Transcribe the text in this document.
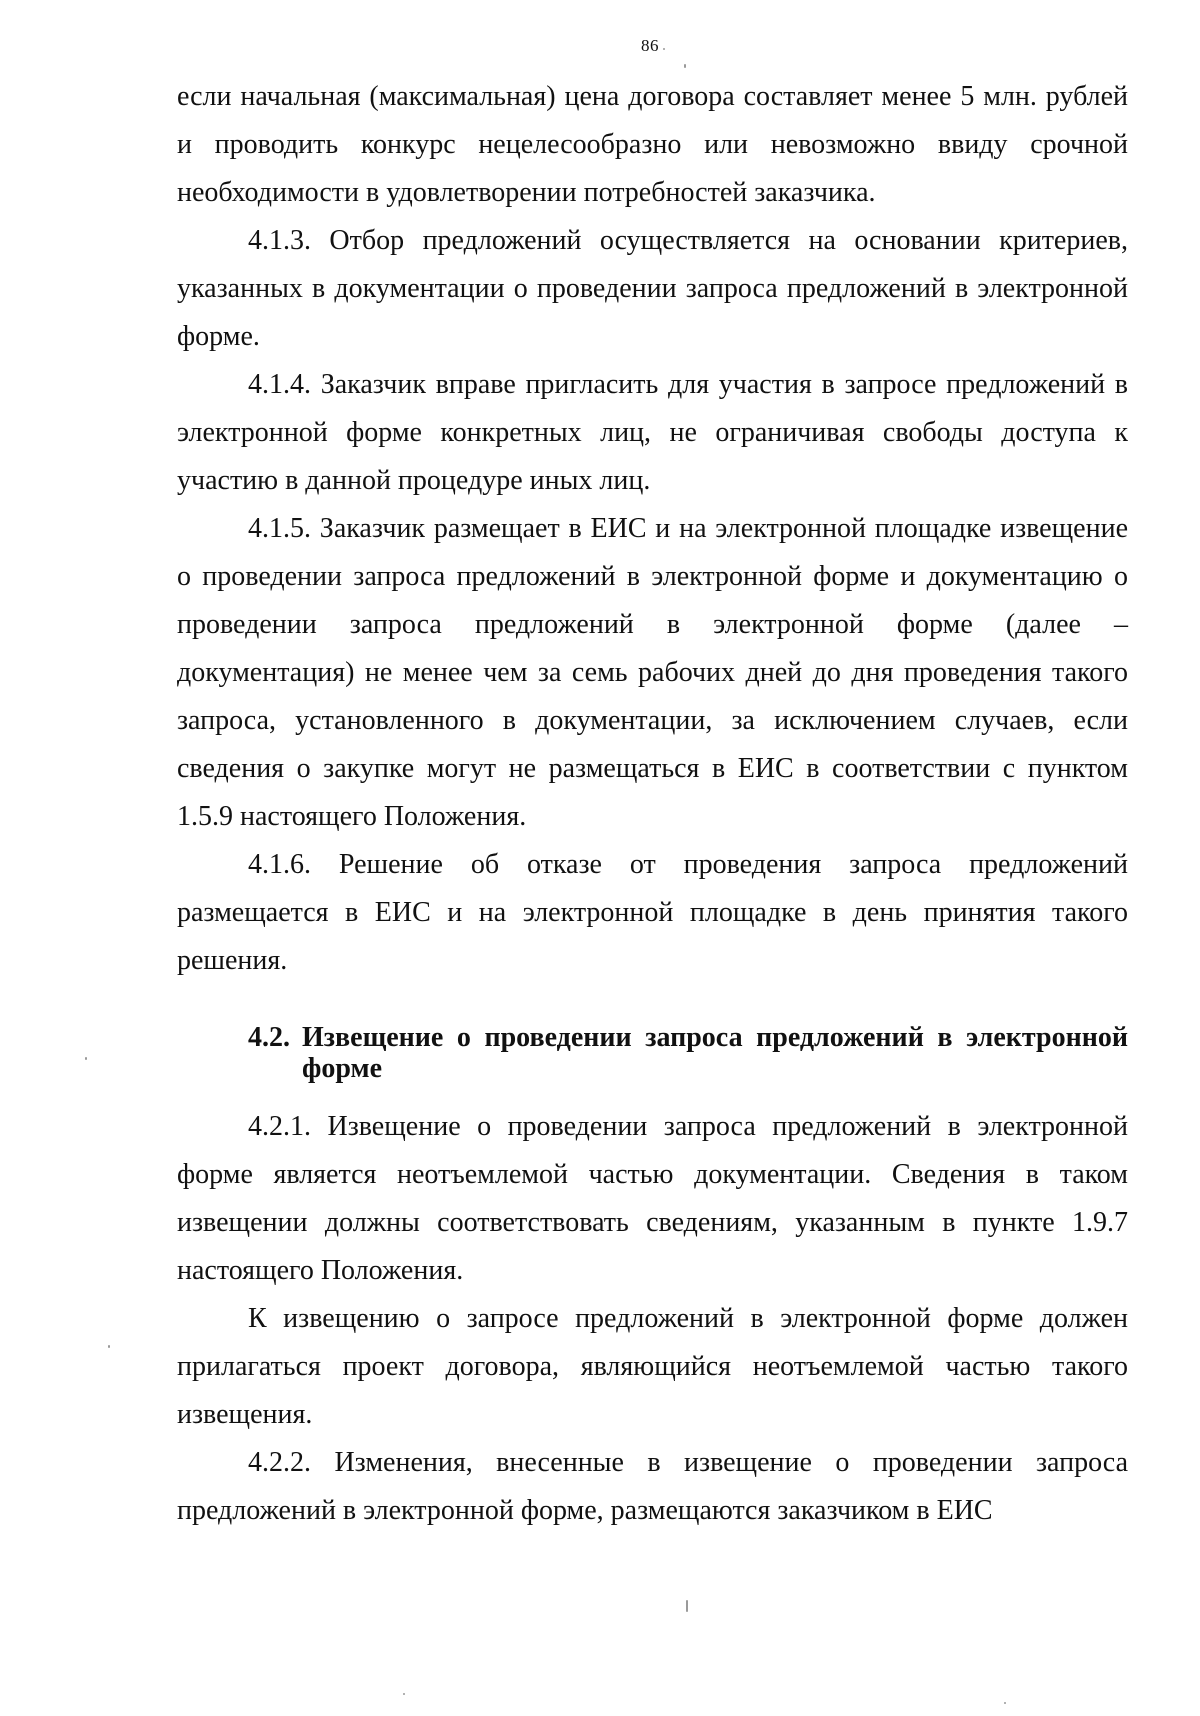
86

если начальная (максимальная) цена договора составляет менее 5 млн. рублей и проводить конкурс нецелесообразно или невозможно ввиду срочной необходимости в удовлетворении потребностей заказчика.

4.1.3. Отбор предложений осуществляется на основании критериев, указанных в документации о проведении запроса предложений в электронной форме.

4.1.4. Заказчик вправе пригласить для участия в запросе предложений в электронной форме конкретных лиц, не ограничивая свободы доступа к участию в данной процедуре иных лиц.

4.1.5. Заказчик размещает в ЕИС и на электронной площадке извещение о проведении запроса предложений в электронной форме и документацию о проведении запроса предложений в электронной форме (далее – документация) не менее чем за семь рабочих дней до дня проведения такого запроса, установленного в документации, за исключением случаев, если сведения о закупке могут не размещаться в ЕИС в соответствии с пунктом 1.5.9 настоящего Положения.

4.1.6. Решение об отказе от проведения запроса предложений размещается в ЕИС и на электронной площадке в день принятия такого решения.

4.2. Извещение о проведении запроса предложений в электронной форме

4.2.1. Извещение о проведении запроса предложений в электронной форме является неотъемлемой частью документации. Сведения в таком извещении должны соответствовать сведениям, указанным в пункте 1.9.7 настоящего Положения.

К извещению о запросе предложений в электронной форме должен прилагаться проект договора, являющийся неотъемлемой частью такого извещения.

4.2.2. Изменения, внесенные в извещение о проведении запроса предложений в электронной форме, размещаются заказчиком в ЕИС
